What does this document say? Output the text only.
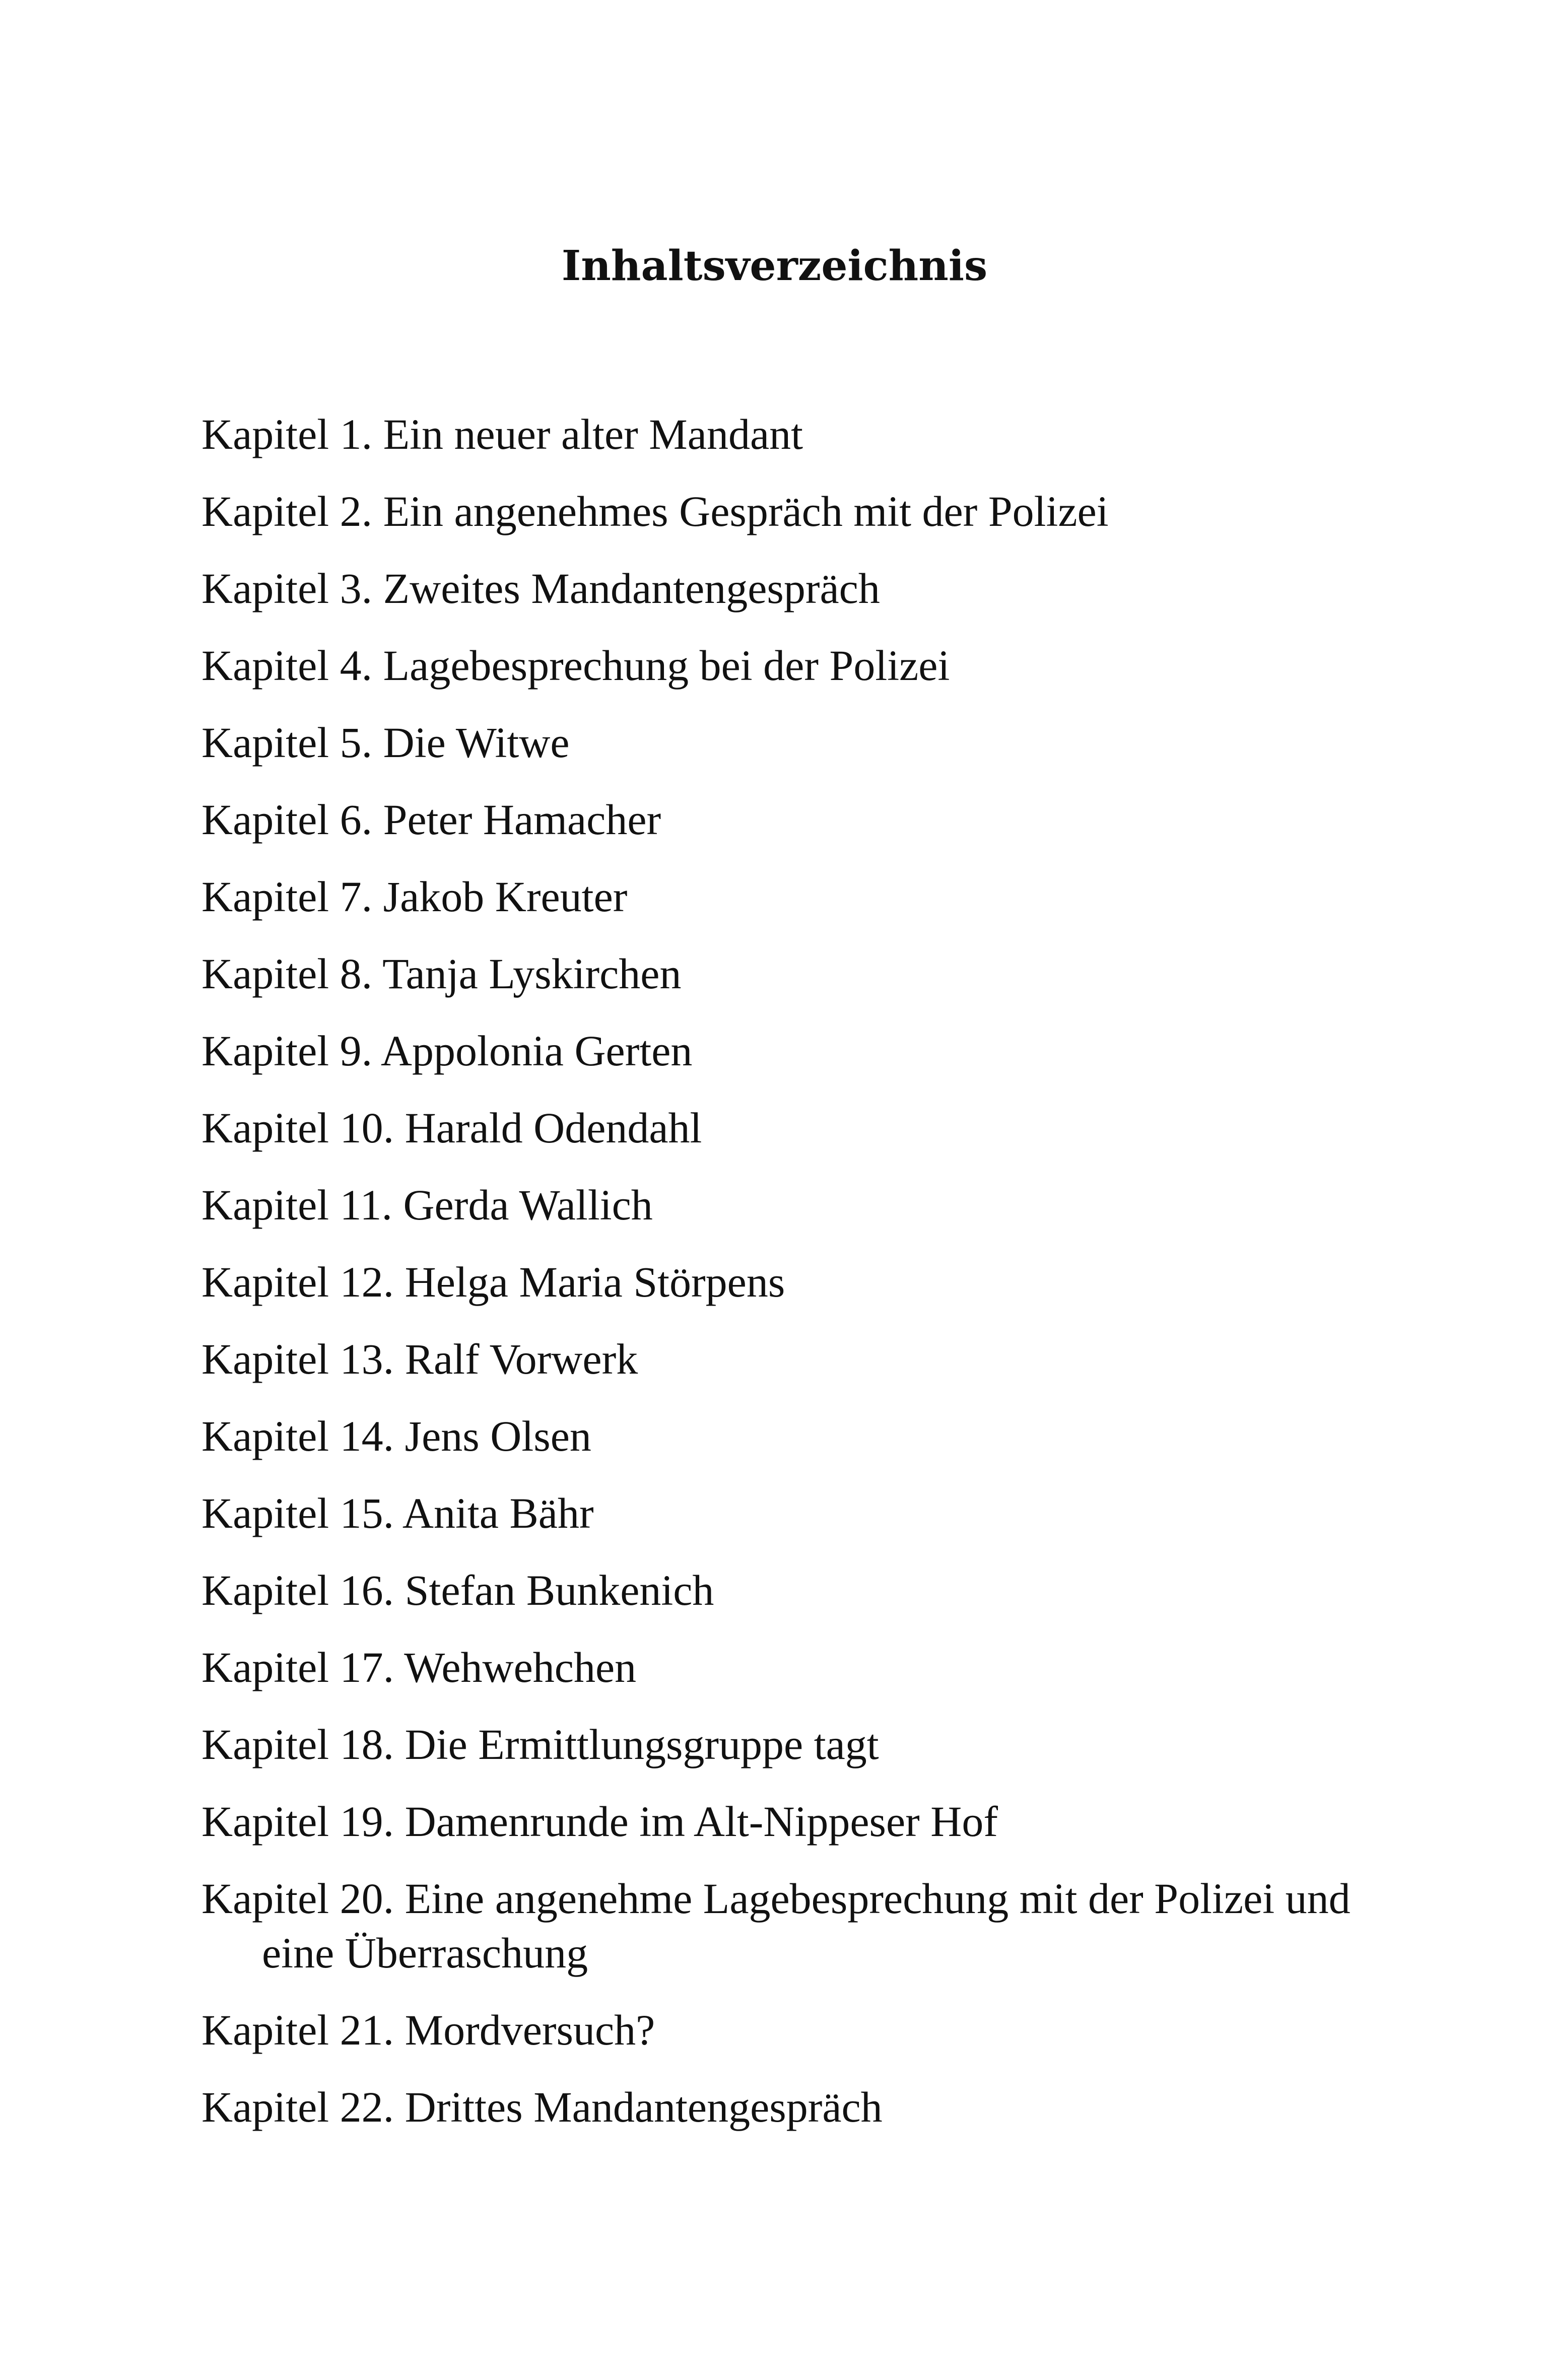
Inhaltsverzeichnis
Kapitel 1. Ein neuer alter Mandant
Kapitel 2. Ein angenehmes Gespräch mit der Polizei
Kapitel 3. Zweites Mandantengespräch
Kapitel 4. Lagebesprechung bei der Polizei
Kapitel 5. Die Witwe
Kapitel 6. Peter Hamacher
Kapitel 7. Jakob Kreuter
Kapitel 8. Tanja Lyskirchen
Kapitel 9. Appolonia Gerten
Kapitel 10. Harald Odendahl
Kapitel 11. Gerda Wallich
Kapitel 12. Helga Maria Störpens
Kapitel 13. Ralf Vorwerk
Kapitel 14. Jens Olsen
Kapitel 15. Anita Bähr
Kapitel 16. Stefan Bunkenich
Kapitel 17. Wehwehchen
Kapitel 18. Die Ermittlungsgruppe tagt
Kapitel 19. Damenrunde im Alt-Nippeser Hof
Kapitel 20. Eine angenehme Lagebesprechung mit der Polizei und eine Überraschung
Kapitel 21. Mordversuch?
Kapitel 22. Drittes Mandantengespräch
